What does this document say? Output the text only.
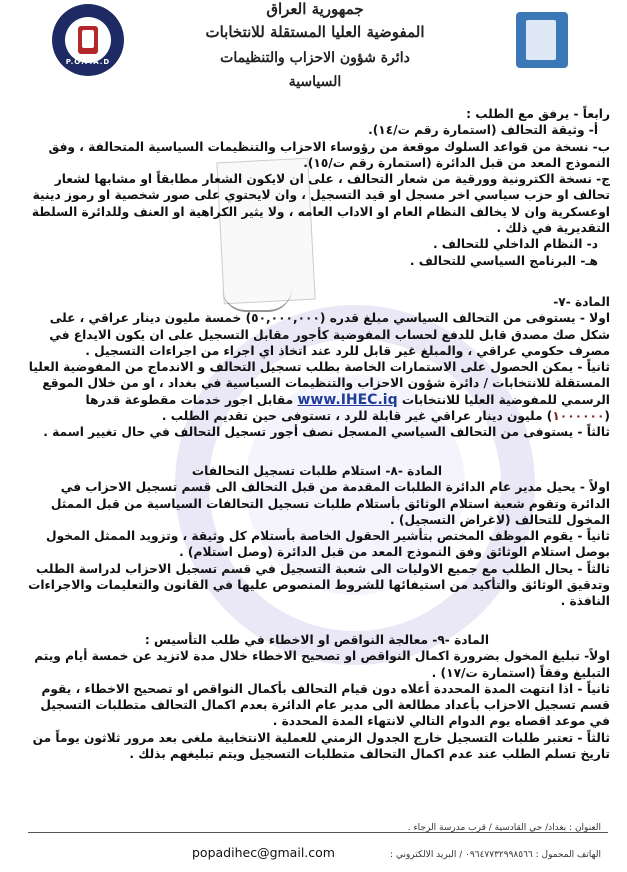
P.O.P.A.D
جمهورية العراق
المفوضية العليا المستقلة للانتخابات
دائرة شؤون الاحزاب والتنظيمات السياسية

رابعاً - يرفق مع الطلب :

أ- وثيقة التحالف (استمارة رقم ت/١٤).

ب- نسخة من قواعد السلوك موقعة من رؤوساء الاحزاب والتنظيمات السياسية المتحالفة ، وفق النموذج المعد من قبل الدائرة (استمارة رقم ت/١٥).

ج- نسخة الكترونية وورقية من شعار التحالف ، على ان لايكون الشعار مطابقاً او مشابها لشعار تحالف او حزب سياسي اخر مسجل او قيد التسجيل ، وان لايحتوي على صور شخصية او رموز دينية اوعسكرية وان لا يخالف النظام العام او الاداب العامه ، ولا يثير الكراهية او العنف وللدائرة السلطة التقديرية في ذلك .

د- النظام الداخلي للتحالف .

هـ- البرنامج السياسي للتحالف .

المادة -٧-

اولا - يستوفى من التحالف السياسي مبلغ قدره (٥٠,٠٠٠,٠٠٠) خمسة مليون دينار عراقي ، على شكل صك مصدق قابل للدفع لحساب المفوضية كأجور مقابل التسجيل على ان يكون الايداع في مصرف حكومي عراقي ، والمبلغ غير قابل للرد عند اتخاذ اي اجراء من اجراءات التسجيل .

ثانياً - يمكن الحصول على الاستمارات الخاصة بطلب تسجيل التحالف و الاندماج من المفوضية العليا المستقلة للانتخابات / دائرة شؤون الاحزاب والتنظيمات السياسية في بغداد ، او من خلال الموقع الرسمي للمفوضية العليا للانتخابات www.IHEC.iq مقابل اجور خدمات مقطوعة قدرها (١٠٠٠٠٠٠) مليون دينار عراقي غير قابلة للرد ، تستوفى حين تقديم الطلب .

ثالثاً - يستوفى من التحالف السياسي المسجل نصف أجور تسجيل التحالف في حال تغيير اسمة .

المادة -٨- استلام طلبات تسجيل التحالفات

اولاً - يحيل مدير عام الدائرة الطلبات المقدمة من قبل التحالف الى قسم تسجيل الاحزاب في الدائرة وتقوم شعبة استلام الوثائق بأستلام طلبات تسجيل التحالفات السياسية من قبل الممثل المخول للتحالف (لاغراض التسجيل) .

ثانياً - يقوم الموظف المختص بتأشير الحقول الخاصة بأستلام كل وثيقة ، وتزويد الممثل المخول بوصل استلام الوثائق وفق النموذج المعد من قبل الدائرة (وصل استلام) .

ثالثاً - يحال الطلب مع جميع الاوليات الى شعبة التسجيل في قسم تسجيل الاحزاب لدراسة الطلب وتدقيق الوثائق والتأكيد من استيفائها للشروط المنصوص عليها في القانون والتعليمات والاجراءات النافذة .

المادة -٩- معالجة النواقص او الاخطاء في طلب التأسيس :

اولاً- تبليغ المخول بضرورة اكمال النواقص او تصحيح الاخطاء خلال مدة لاتزيد عن خمسة أيام ويتم التبليغ وفقاً (استمارة ت/١٧) .

ثانياً - اذا انتهت المدة المحددة أعلاه دون قيام التحالف بأكمال النواقص او تصحيح الاخطاء ، يقوم قسم تسجيل الاحزاب بأعداد مطالعة الى مدير عام الدائرة بعدم اكمال التحالف متطلبات التسجيل في موعد اقصاه يوم الدوام التالي لانتهاء المدة المحددة .

ثالثاً - تعتبر طلبات التسجيل خارج الجدول الزمني للعملية الانتخابية ملغى بعد مرور ثلاثون يوماً من تاريخ تسلم الطلب عند عدم اكمال التحالف متطلبات التسجيل ويتم تبليغهم بذلك .

العنوان : بغداد/ حي القادسية / قرب مدرسة الرجاء .
popadihec@gmail.com	الهاتف المحمول : ٠٩٦٤٧٧٣٢٩٩٨٥٦٦ / البريد الالكتروني :
